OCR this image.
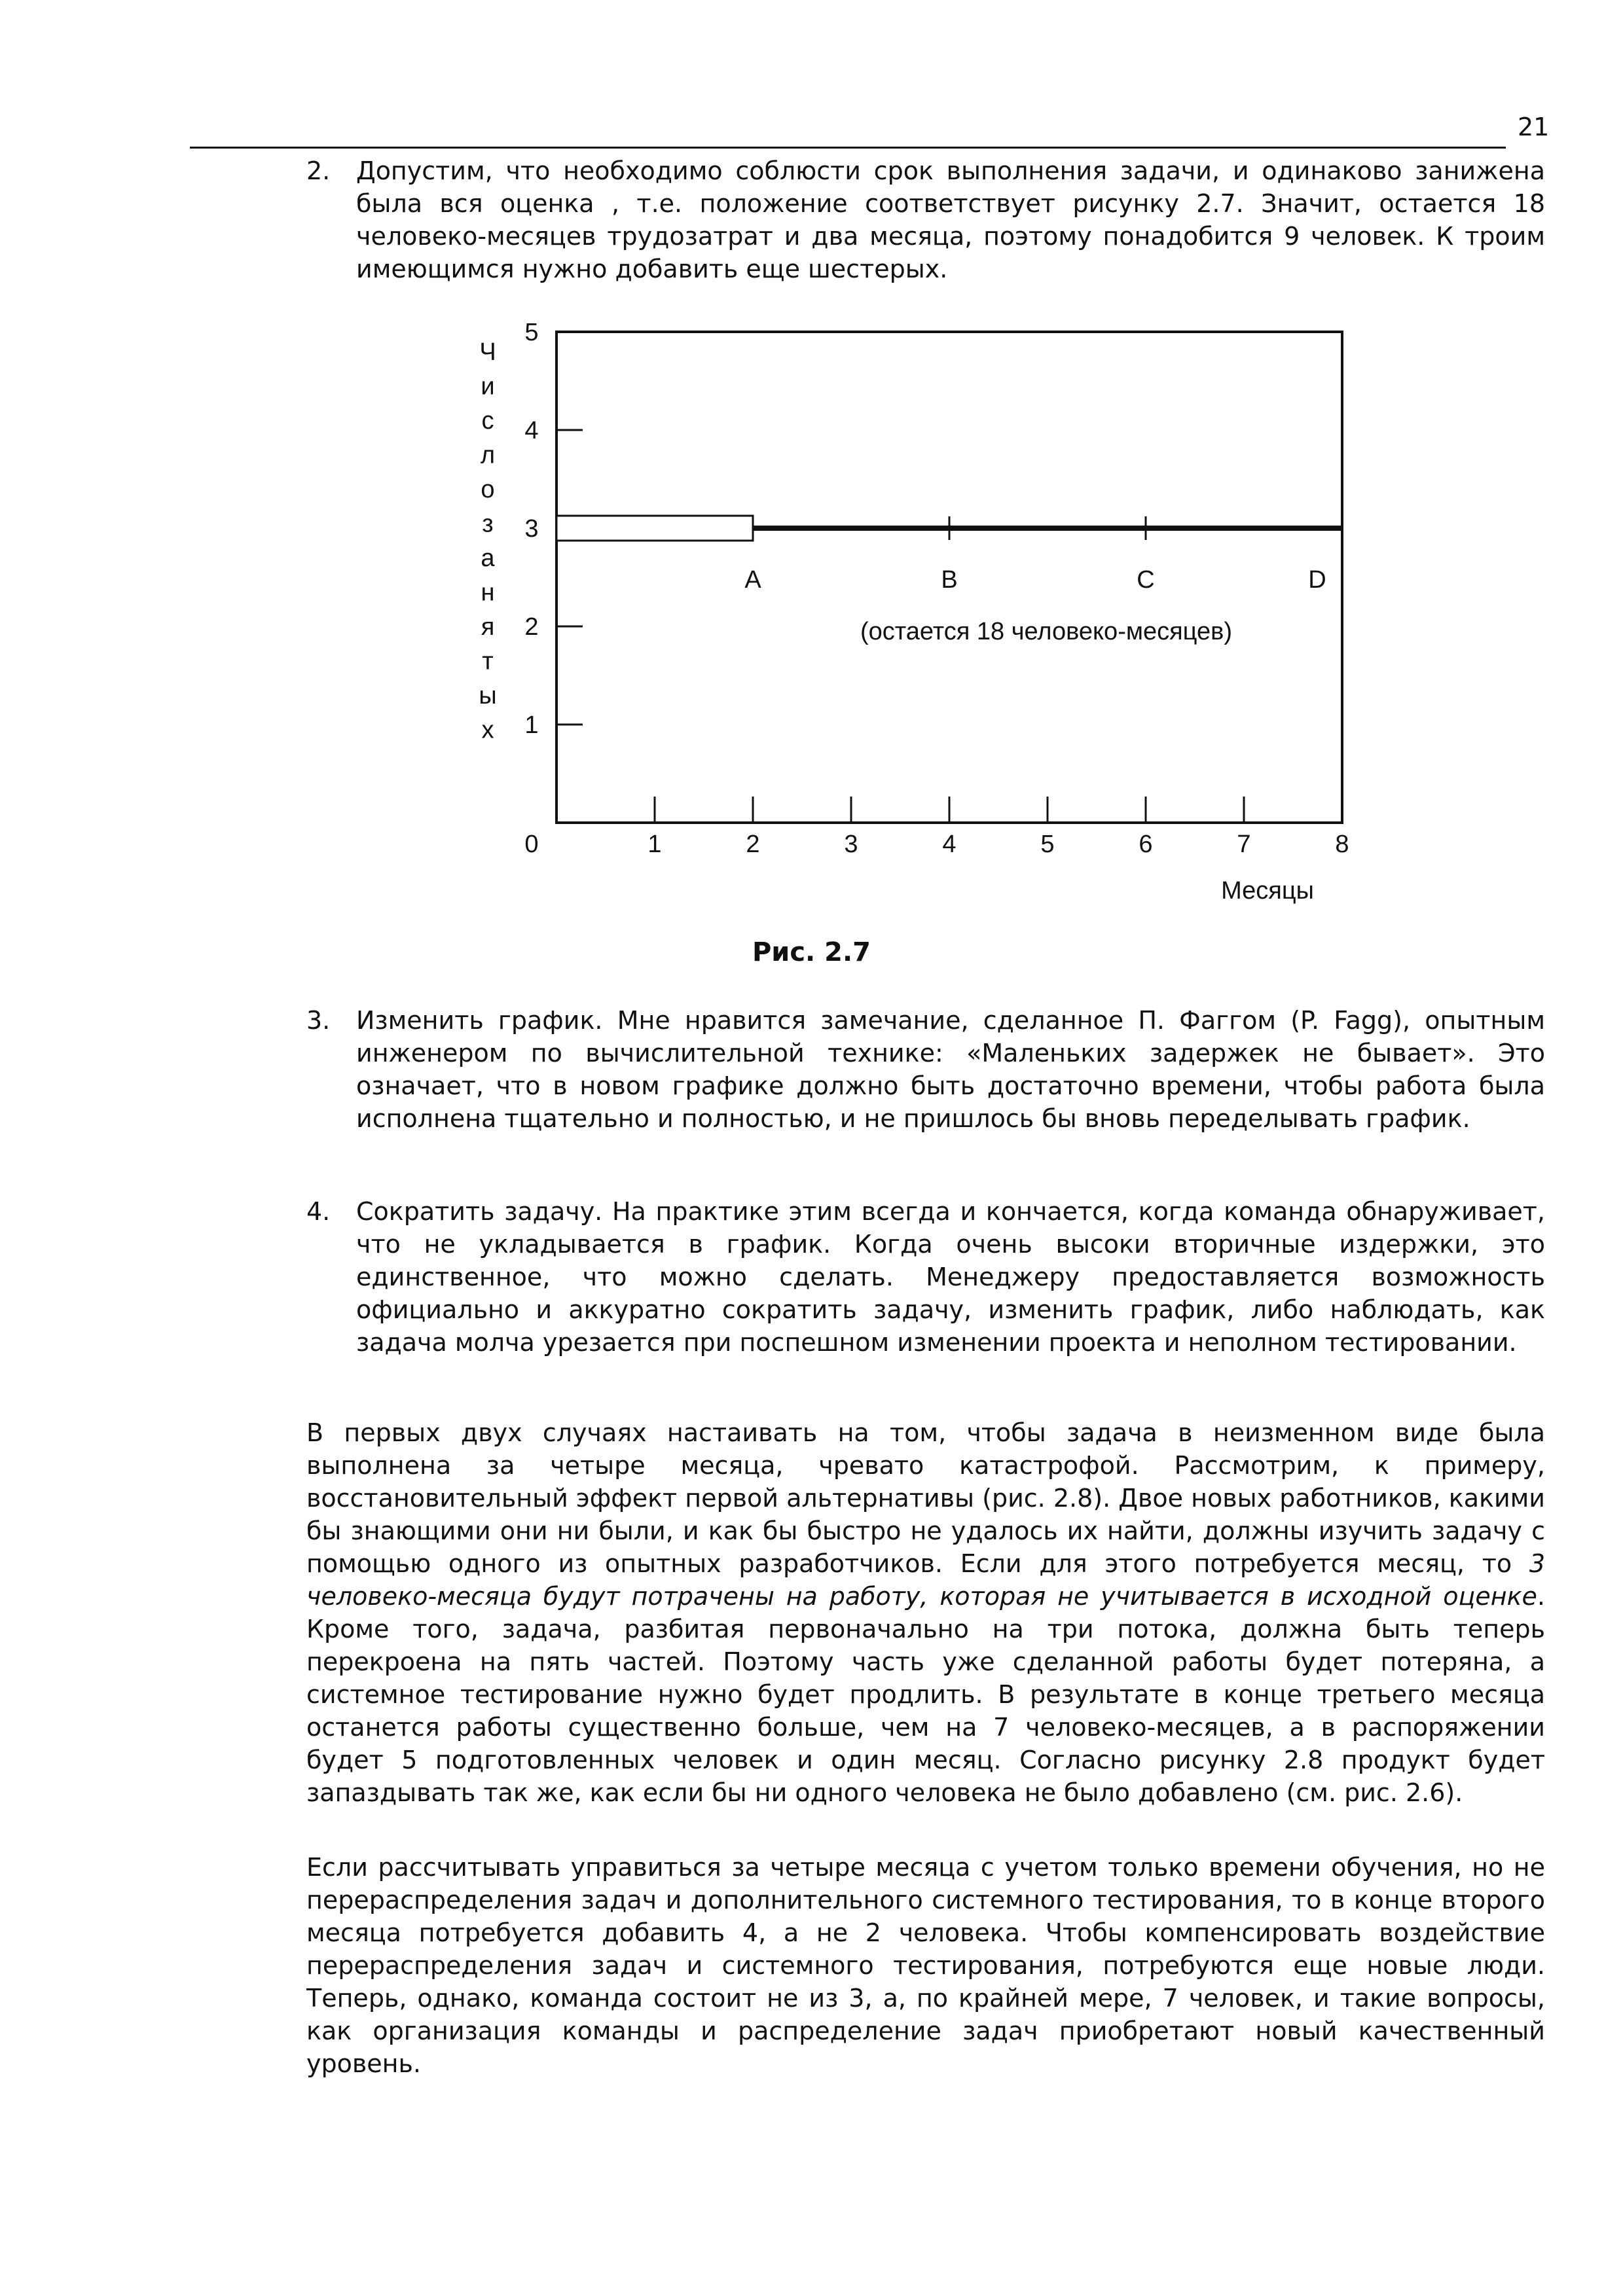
21
2. Допустим, что необходимо соблюсти срок выполнения задачи, и одинаково занижена была вся оценка , т.е. положение соответствует рисунку 2.7. Значит, остается 18 человеко-месяцев трудозатрат и два месяца, поэтому понадобится 9 человек. К троим имеющимся нужно добавить еще шестерых.
Ч
и
с
л
о
з
а
н
я
т
ы
х 1
2
3
4
5
0	1	2	3	4	5	6	7	8
A	B	C	D
(остается 18 человеко-месяцев)
Месяцы
Рис. 2.7
3. Изменить график. Мне нравится замечание, сделанное П. Фаггом (P. Fagg), опытным инженером по вычислительной технике: «Маленьких задержек не бывает». Это означает, что в новом графике должно быть достаточно времени, чтобы работа была исполнена тщательно и полностью, и не пришлось бы вновь переделывать график.
4. Сократить задачу. На практике этим всегда и кончается, когда команда обнаруживает, что не укладывается в график. Когда очень высоки вторичные издержки, это единственное, что можно сделать. Менеджеру предоставляется возможность официально и аккуратно сократить задачу, изменить график, либо наблюдать, как задача молча урезается при поспешном изменении проекта и неполном тестировании.
В первых двух случаях настаивать на том, чтобы задача в неизменном виде была выполнена за четыре месяца, чревато катастрофой. Рассмотрим, к примеру, восстановительный эффект первой альтернативы (рис. 2.8). Двое новых работников, какими бы знающими они ни были, и как бы быстро не удалось их найти, должны изучить задачу с помощью одного из опытных разработчиков. Если для этого потребуется месяц, то 3 человеко-месяца будут потрачены на работу, которая не учитывается в исходной оценке. Кроме того, задача, разбитая первоначально на три потока, должна быть теперь перекроена на пять частей. Поэтому часть уже сделанной работы будет потеряна, а системное тестирование нужно будет продлить. В результате в конце третьего месяца останется работы существенно больше, чем на 7 человеко-месяцев, а в распоряжении будет 5 подготовленных человек и один месяц. Согласно рисунку 2.8 продукт будет запаздывать так же, как если бы ни одного человека не было добавлено (см. рис. 2.6).
Если рассчитывать управиться за четыре месяца с учетом только времени обучения, но не перераспределения задач и дополнительного системного тестирования, то в конце второго месяца потребуется добавить 4, а не 2 человека. Чтобы компенсировать воздействие перераспределения задач и системного тестирования, потребуются еще новые люди. Теперь, однако, команда состоит не из 3, а, по крайней мере, 7 человек, и такие вопросы, как организация команды и распределение задач приобретают новый качественный уровень.
